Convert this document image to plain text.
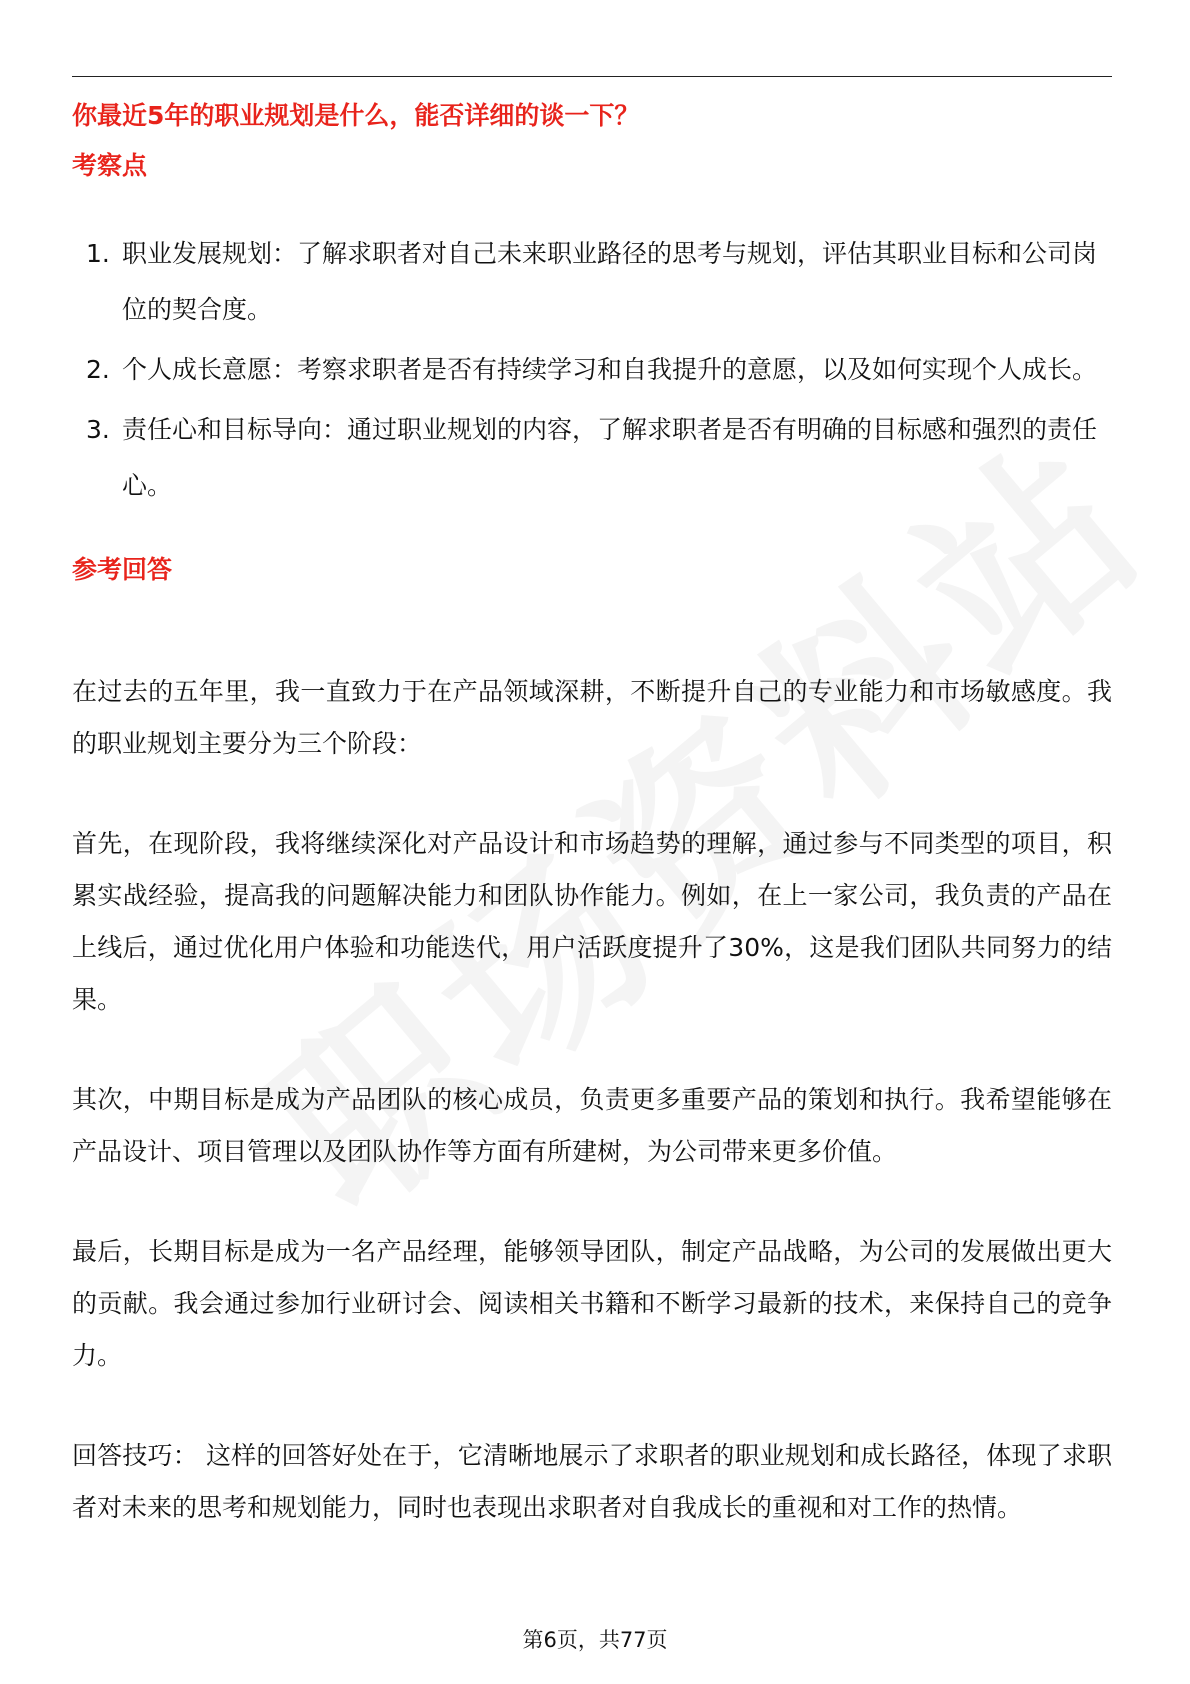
你最近5年的职业规划是什么，能否详细的谈一下？
考察点
1. 职业发展规划：了解求职者对自己未来职业路径的思考与规划，评估其职业目标和公司岗位的契合度。
2. 个人成长意愿：考察求职者是否有持续学习和自我提升的意愿，以及如何实现个人成长。
3. 责任心和目标导向：通过职业规划的内容，了解求职者是否有明确的目标感和强烈的责任心。
参考回答

在过去的五年里，我一直致力于在产品领域深耕，不断提升自己的专业能力和市场敏感度。我的职业规划主要分为三个阶段：

首先，在现阶段，我将继续深化对产品设计和市场趋势的理解，通过参与不同类型的项目，积累实战经验，提高我的问题解决能力和团队协作能力。例如，在上一家公司，我负责的产品在上线后，通过优化用户体验和功能迭代，用户活跃度提升了30%，这是我们团队共同努力的结果。

其次，中期目标是成为产品团队的核心成员，负责更多重要产品的策划和执行。我希望能够在产品设计、项目管理以及团队协作等方面有所建树，为公司带来更多价值。

最后，长期目标是成为一名产品经理，能够领导团队，制定产品战略，为公司的发展做出更大的贡献。我会通过参加行业研讨会、阅读相关书籍和不断学习最新的技术，来保持自己的竞争力。

回答技巧： 这样的回答好处在于，它清晰地展示了求职者的职业规划和成长路径，体现了求职者对未来的思考和规划能力，同时也表现出求职者对自我成长的重视和对工作的热情。

第6页，共77页
